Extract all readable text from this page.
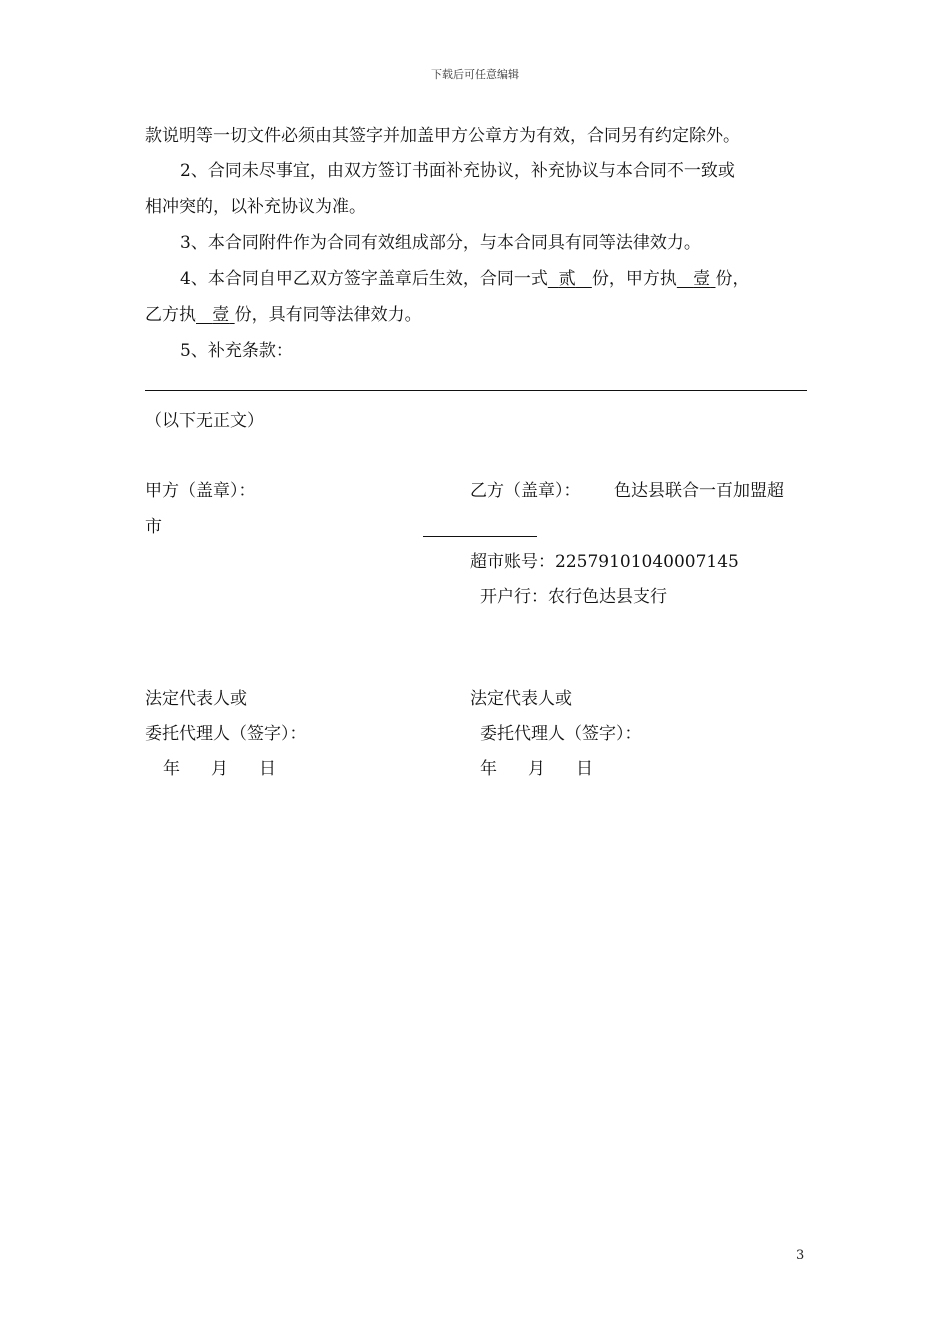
下载后可任意编辑
款说明等一切文件必须由其签字并加盖甲方公章方为有效，合同另有约定除外。
2、合同未尽事宜，由双方签订书面补充协议，补充协议与本合同不一致或
相冲突的，以补充协议为准。
3、本合同附件作为合同有效组成部分，与本合同具有同等法律效力。
4、本合同自甲乙双方签字盖章后生效，合同一式 贰 份，甲方执 壹 份，
乙方执 壹 份，具有同等法律效力。
5、补充条款：
（以下无正文）
甲方（盖章）：	乙方（盖章）： 色达县联合一百加盟超
市
超市账号：22579101040007145
开户行：农行色达县支行
法定代表人或	法定代表人或
委托代理人（签字）：	委托代理人（签字）：
年 月 日	年 月 日
3
